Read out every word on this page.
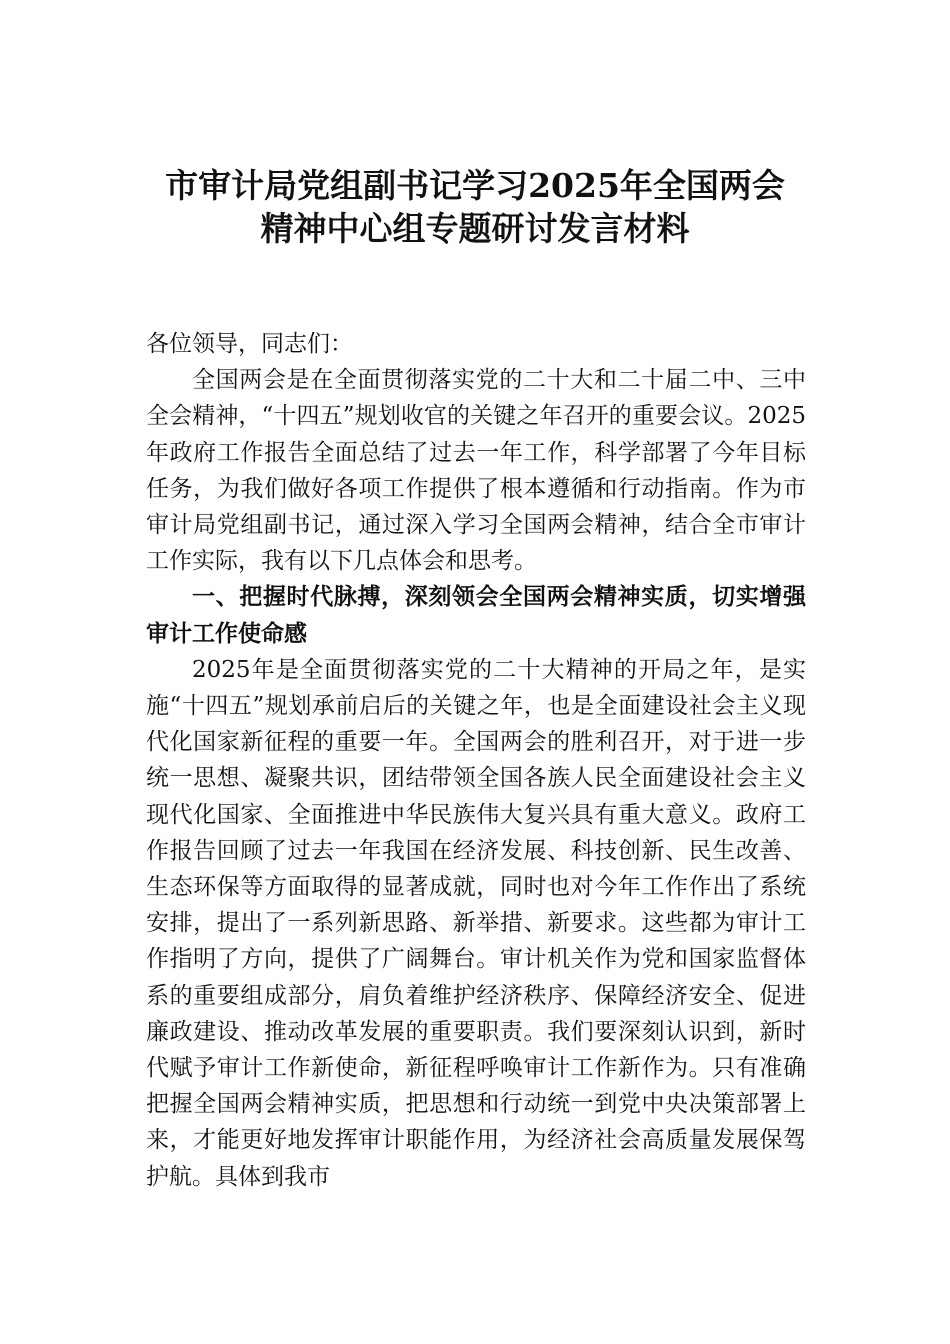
市审计局党组副书记学习2025年全国两会
精神中心组专题研讨发言材料

各位领导，同志们：

全国两会是在全面贯彻落实党的二十大和二十届二中、三中全会精神，“十四五”规划收官的关键之年召开的重要会议。2025年政府工作报告全面总结了过去一年工作，科学部署了今年目标任务，为我们做好各项工作提供了根本遵循和行动指南。作为市审计局党组副书记，通过深入学习全国两会精神，结合全市审计工作实际，我有以下几点体会和思考。

一、把握时代脉搏，深刻领会全国两会精神实质，切实增强审计工作使命感

2025年是全面贯彻落实党的二十大精神的开局之年，是实施“十四五”规划承前启后的关键之年，也是全面建设社会主义现代化国家新征程的重要一年。全国两会的胜利召开，对于进一步统一思想、凝聚共识，团结带领全国各族人民全面建设社会主义现代化国家、全面推进中华民族伟大复兴具有重大意义。政府工作报告回顾了过去一年我国在经济发展、科技创新、民生改善、生态环保等方面取得的显著成就，同时也对今年工作作出了系统安排，提出了一系列新思路、新举措、新要求。这些都为审计工作指明了方向，提供了广阔舞台。审计机关作为党和国家监督体系的重要组成部分，肩负着维护经济秩序、保障经济安全、促进廉政建设、推动改革发展的重要职责。我们要深刻认识到，新时代赋予审计工作新使命，新征程呼唤审计工作新作为。只有准确把握全国两会精神实质，把思想和行动统一到党中央决策部署上来，才能更好地发挥审计职能作用，为经济社会高质量发展保驾护航。具体到我市
